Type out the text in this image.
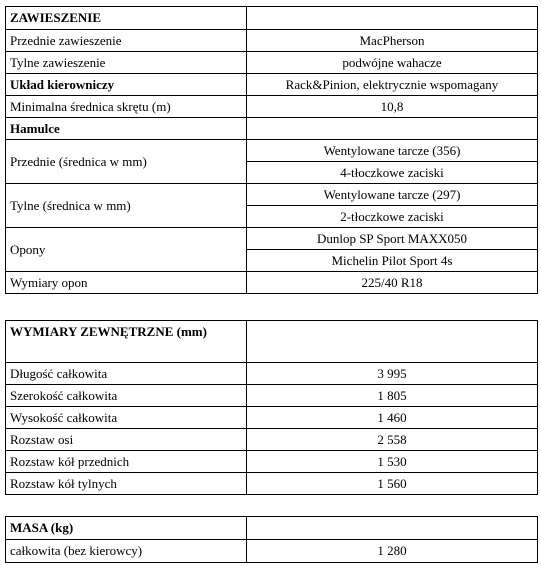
ZAWIESZENIE	
Przednie zawieszenie	MacPherson
Tylne zawieszenie	podwójne wahacze
Układ kierowniczy	Rack&Pinion, elektrycznie wspomagany
Minimalna średnica skrętu (m)	10,8
Hamulce	
Przednie (średnica w mm)	Wentylowane tarcze (356)
	4-tłoczkowe zaciski
Tylne (średnica w mm)	Wentylowane tarcze (297)
	2-tłoczkowe zaciski
Opony	Dunlop SP Sport MAXX050
	Michelin Pilot Sport 4s
Wymiary opon	225/40 R18
WYMIARY ZEWNĘTRZNE (mm)	
Długość całkowita	3 995
Szerokość całkowita	1 805
Wysokość całkowita	1 460
Rozstaw osi	2 558
Rozstaw kół przednich	1 530
Rozstaw kół tylnych	1 560
MASA (kg)	
całkowita (bez kierowcy)	1 280
